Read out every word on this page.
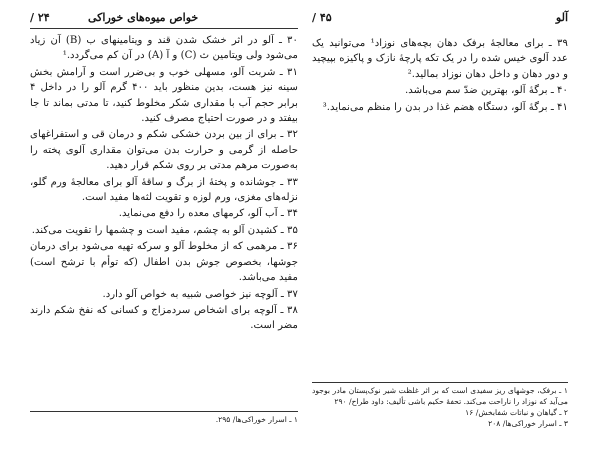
آلو
۴۵ /

۳۹ ـ برای معالجهٔ برفک دهان بچه‌های نوزاد¹ می‌توانید یک عدد آلوی خیس شده را در یک تکه پارچهٔ نازک و پاکیزه بپیچید و دور دهان و داخل دهان نوزاد بمالید.²

۴۰ ـ برگهٔ آلو، بهترین ضدّ سم می‌باشد.

۴۱ ـ برگهٔ آلو، دستگاه هضم غذا در بدن را منظم می‌نماید.³

۱ ـ برفک، جوشهای ریز سفیدی است که بر اثر غلظت شیر نوک‌پستان مادر بوجود می‌آید که نوزاد را ناراحت می‌کند. تحفهٔ حکیم باشی تألیف: داود طراح/ ۲۹۰

۲ ـ گیاهان و نباتات شفابخش/ ۱۶

۳ ـ اسرار خوراکی‌ها/ ۲۰۸

خواص میوه‌های خوراکی
۲۴ /

۳۰ ـ آلو در اثر خشک شدن قند و ویتامینهای ب (B) آن زیاد می‌شود ولی ویتامین ث (C) و آ (A) در آن کم می‌گردد.¹

۳۱ ـ شربت آلو، مسهلی خوب و بی‌ضرر است و آرامش بخش سینه نیز هست، بدین منظور باید ۴۰۰ گرم آلو را در داخل ۴ برابر حجم آب با مقداری شکر مخلوط کنید، تا مدتی بماند تا جا بیفتد و در صورت احتیاج مصرف کنید.

۳۲ ـ برای از بین بردن خشکی شکم و درمان قی و استفراغهای حاصله از گرمی و حرارت بدن می‌توان مقداری آلوی پخته را به‌صورت مرهم مدتی بر روی شکم قرار دهید.

۳۳ ـ جوشانده و پختهٔ از برگ و ساقهٔ آلو برای معالجهٔ ورم گلو، نزله‌های مغزی، ورم لوزه و تقویت لثه‌ها مفید است.

۳۴ ـ آب آلو، کرمهای معده را دفع می‌نماید.

۳۵ ـ کشیدن آلو به چشم، مفید است و چشمها را تقویت می‌کند.

۳۶ ـ مرهمی که از مخلوط آلو و سرکه تهیه می‌شود برای درمان جوشها، بخصوص جوش بدن اطفال (که توأم با ترشح است) مفید می‌باشد.

۳۷ ـ آلوچه نیز خواصی شبیه به خواص آلو دارد.

۳۸ ـ آلوچه برای اشخاص سردمزاج و کسانی که نفخ شکم دارند مضر است.

۱ ـ اسرار خوراکی‌ها/ ۲۹۵.
